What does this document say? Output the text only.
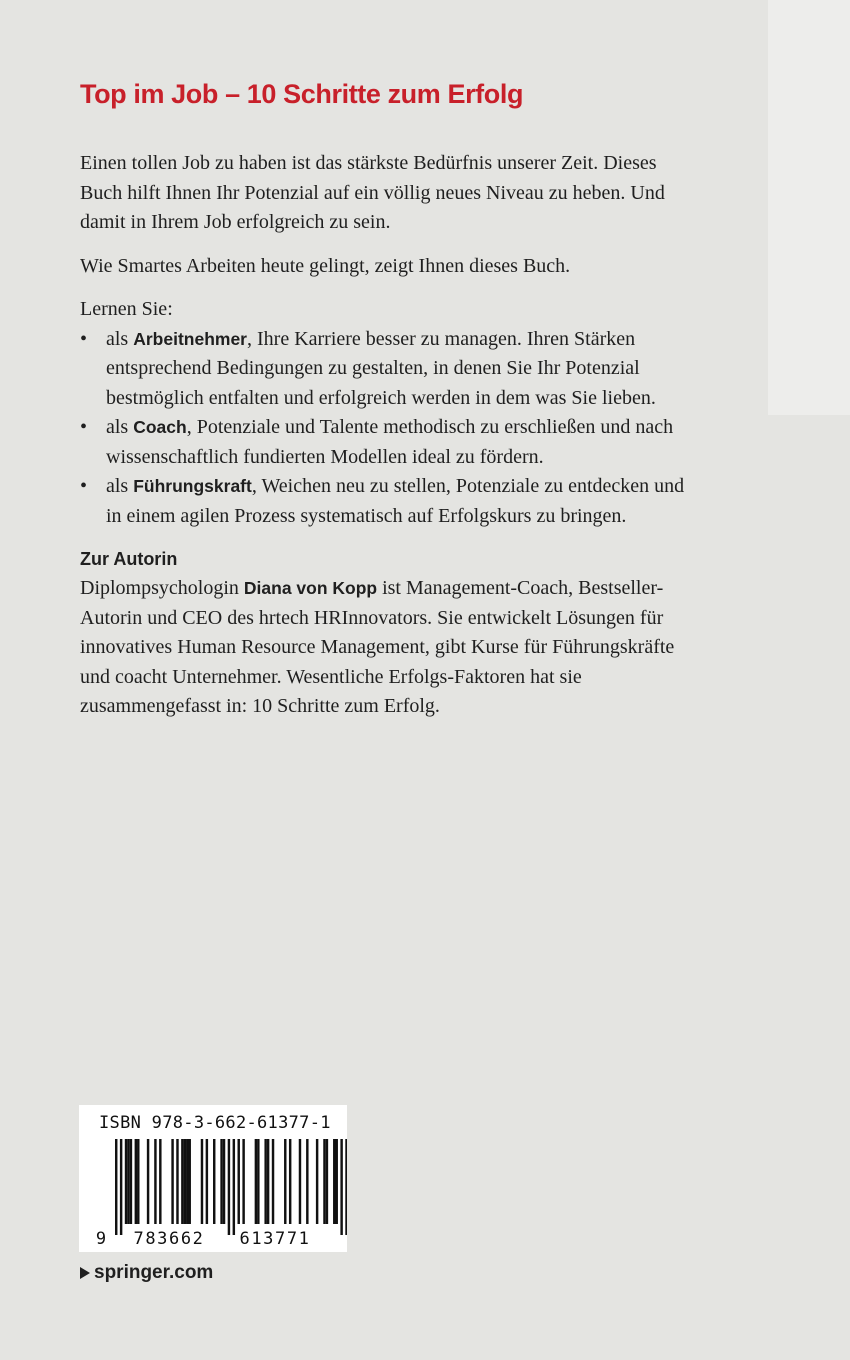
Top im Job – 10 Schritte zum Erfolg

Einen tollen Job zu haben ist das stärkste Bedürfnis unserer Zeit. Dieses Buch hilft Ihnen Ihr Potenzial auf ein völlig neues Niveau zu heben. Und damit in Ihrem Job erfolgreich zu sein.

Wie Smartes Arbeiten heute gelingt, zeigt Ihnen dieses Buch.

Lernen Sie:

• als Arbeitnehmer, Ihre Karriere besser zu managen. Ihren Stärken entsprechend Bedingungen zu gestalten, in denen Sie Ihr Potenzial bestmöglich entfalten und erfolgreich werden in dem was Sie lieben.
• als Coach, Potenziale und Talente methodisch zu erschließen und nach wissenschaftlich fundierten Modellen ideal zu fördern.
• als Führungskraft, Weichen neu zu stellen, Potenziale zu entdecken und in einem agilen Prozess systematisch auf Erfolgskurs zu bringen.
Zur Autorin

Diplompsychologin Diana von Kopp ist Management-Coach, Bestseller-Autorin und CEO des hrtech HRInnovators. Sie entwickelt Lösungen für innovatives Human Resource Management, gibt Kurse für Führungskräfte und coacht Unternehmer. Wesentliche Erfolgs-Faktoren hat sie zusammengefasst in: 10 Schritte zum Erfolg.

ISBN 978-3-662-61377-1
9 783662 613771
springer.com
